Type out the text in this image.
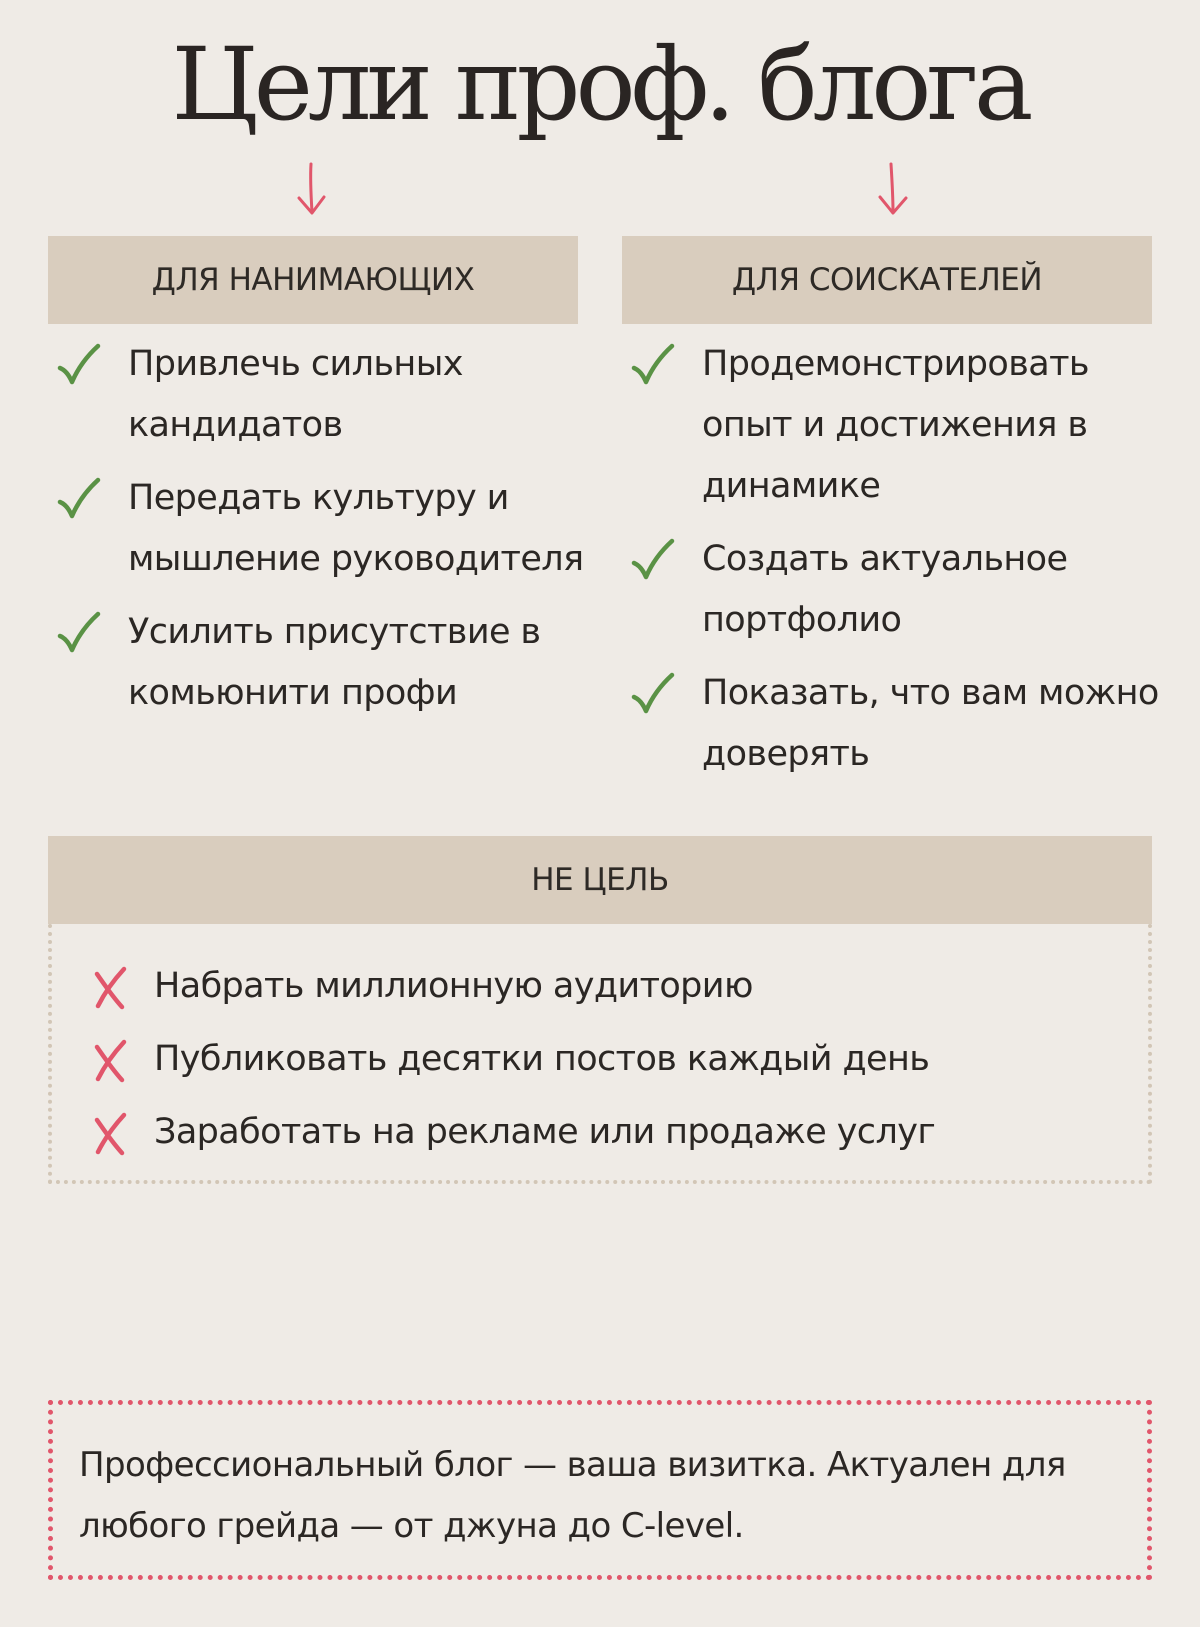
Цели проф. блога
ДЛЯ НАНИМАЮЩИХ	ДЛЯ СОИСКАТЕЛЕЙ
Привлечь сильных кандидатов
Передать культуру и мышление руководителя
Усилить присутствие в комьюнити профи
Продемонстрировать опыт и достижения в динамике
Создать актуальное портфолио
Показать, что вам можно доверять
НЕ ЦЕЛЬ
Набрать миллионную аудиторию
Публиковать десятки постов каждый день
Заработать на рекламе или продаже услуг

Профессиональный блог — ваша визитка. Актуален для любого грейда — от джуна до C-level.
